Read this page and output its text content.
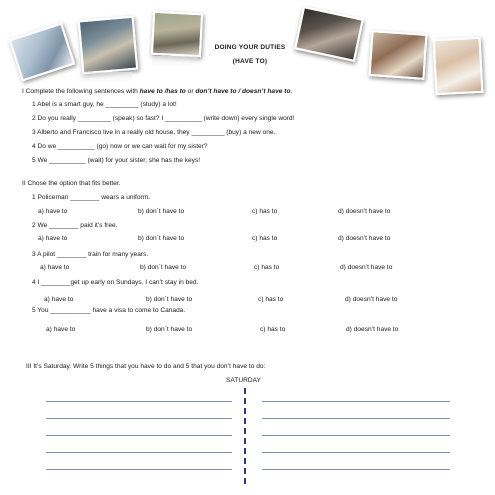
DOING YOUR DUTIES
(HAVE TO)
I Complete the following sentences with have to /has to or don’t have to / doesn’t have to.
1 Abel is a smart guy, he _________ (study) a lot!
2 Do you really _________ (speak) so fast? I __________ (write down) every single word!
3 Alberto and Francisco live in a really old house, they _________ (buy) a new one.
4 Do we __________ (go) now or we can wait for my sister?
5 We __________ (wait) for your sister, she has the keys!
II Chose the option that fits better.
1 Policeman ________ wears a uniform.
a) have to	b) don´t have to	c) has to	d) doesn’t have to
2 We ________ paid it’s free.
a) have to	b) don´t have to	c) has to	d) doesn’t have to
3 A pilot ________ train for many years.
a) have to	b) don´t have to	c) has to	d) doesn’t have to
4 I ________get up early on Sundays. I can’t stay in bed.
a) have to	b) don´t have to	c) has to	d) doesn’t have to
5 You ___________ have a visa to come to Canada.
a) have to	b) don´t have to	c) has to	d) doesn’t have to
III It’s Saturday. Write 5 things that you have to do and 5 that you don’t have to do:
SATURDAY
